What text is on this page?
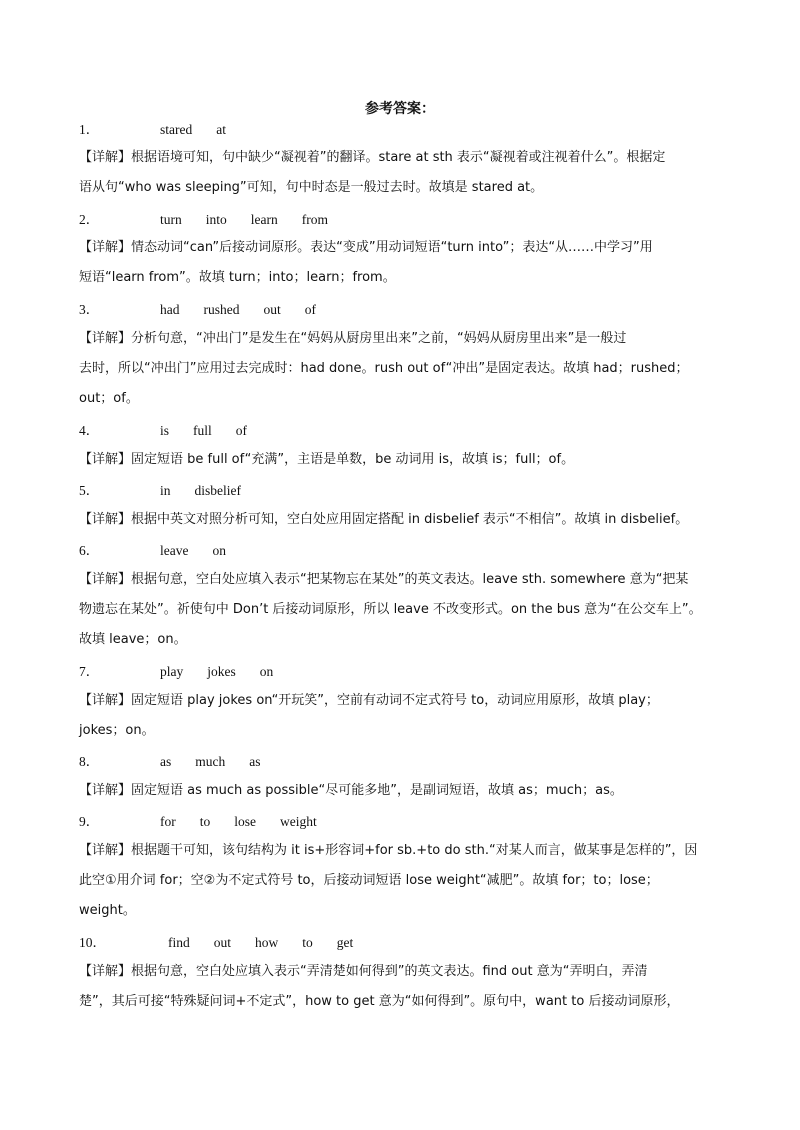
参考答案：
1．	stared at
【详解】根据语境可知，句中缺少“凝视着”的翻译。stare at sth 表示“凝视着或注视着什么”。根据定
语从句“who was sleeping”可知，句中时态是一般过去时。故填是 stared at。
2．	turn into learn from
【详解】情态动词“can”后接动词原形。表达“变成”用动词短语“turn into”；表达“从……中学习”用
短语“learn from”。故填 turn；into；learn；from。
3．	had rushed out of
【详解】分析句意，“冲出门”是发生在“妈妈从厨房里出来”之前，“妈妈从厨房里出来”是一般过
去时，所以“冲出门”应用过去完成时：had done。rush out of“冲出”是固定表达。故填 had；rushed；
out；of。
4．	is full of
【详解】固定短语 be full of“充满”，主语是单数，be 动词用 is，故填 is；full；of。
5．	in disbelief
【详解】根据中英文对照分析可知，空白处应用固定搭配 in disbelief 表示“不相信”。故填 in disbelief。
6．	leave on
【详解】根据句意，空白处应填入表示“把某物忘在某处”的英文表达。leave sth. somewhere 意为“把某
物遗忘在某处”。祈使句中 Don’t 后接动词原形，所以 leave 不改变形式。on the bus 意为“在公交车上”。
故填 leave；on。
7．	play jokes on
【详解】固定短语 play jokes on“开玩笑”，空前有动词不定式符号 to，动词应用原形，故填 play；
jokes；on。
8．	as much as
【详解】固定短语 as much as possible“尽可能多地”，是副词短语，故填 as；much；as。
9．	for to lose weight
【详解】根据题干可知，该句结构为 it is+形容词+for sb.+to do sth.“对某人而言，做某事是怎样的”，因
此空①用介词 for；空②为不定式符号 to，后接动词短语 lose weight“减肥”。故填 for；to；lose；
weight。
10．	find out how to get
【详解】根据句意，空白处应填入表示“弄清楚如何得到”的英文表达。find out 意为“弄明白，弄清
楚”，其后可接“特殊疑问词+不定式”，how to get 意为“如何得到”。原句中，want to 后接动词原形，
